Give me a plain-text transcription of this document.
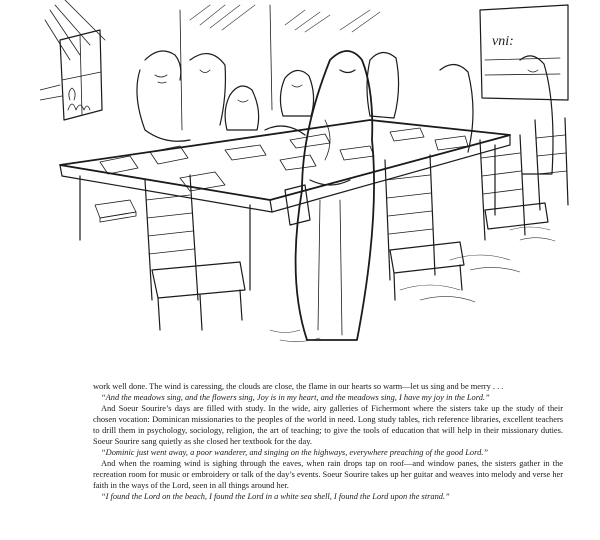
vni:

work well done. The wind is caressing, the clouds are close, the flame in our hearts so warm—let us sing and be merry . . .

“And the meadows sing, and the flowers sing, Joy is in my heart, and the meadows sing, I have my joy in the Lord.”

And Soeur Sourire’s days are filled with study. In the wide, airy galleries of Fichermont where the sisters take up the study of their chosen vocation: Dominican missionaries to the peoples of the world in need. Long study tables, rich reference libraries, excellent teachers to drill them in psychology, sociology, religion, the art of teaching; to give the tools of education that will help in their missionary duties. Soeur Sourire sang quietly as she closed her textbook for the day.

“Dominic just went away, a poor wanderer, and singing on the highways, everywhere preaching of the good Lord.”

And when the roaming wind is sighing through the eaves, when rain drops tap on roof—and window panes, the sisters gather in the recreation room for music or embroidery or talk of the day’s events. Soeur Sourire takes up her guitar and weaves into melody and verse her faith in the ways of the Lord, seen in all things around her.

“I found the Lord on the beach, I found the Lord in a white sea shell, I found the Lord upon the strand.”
